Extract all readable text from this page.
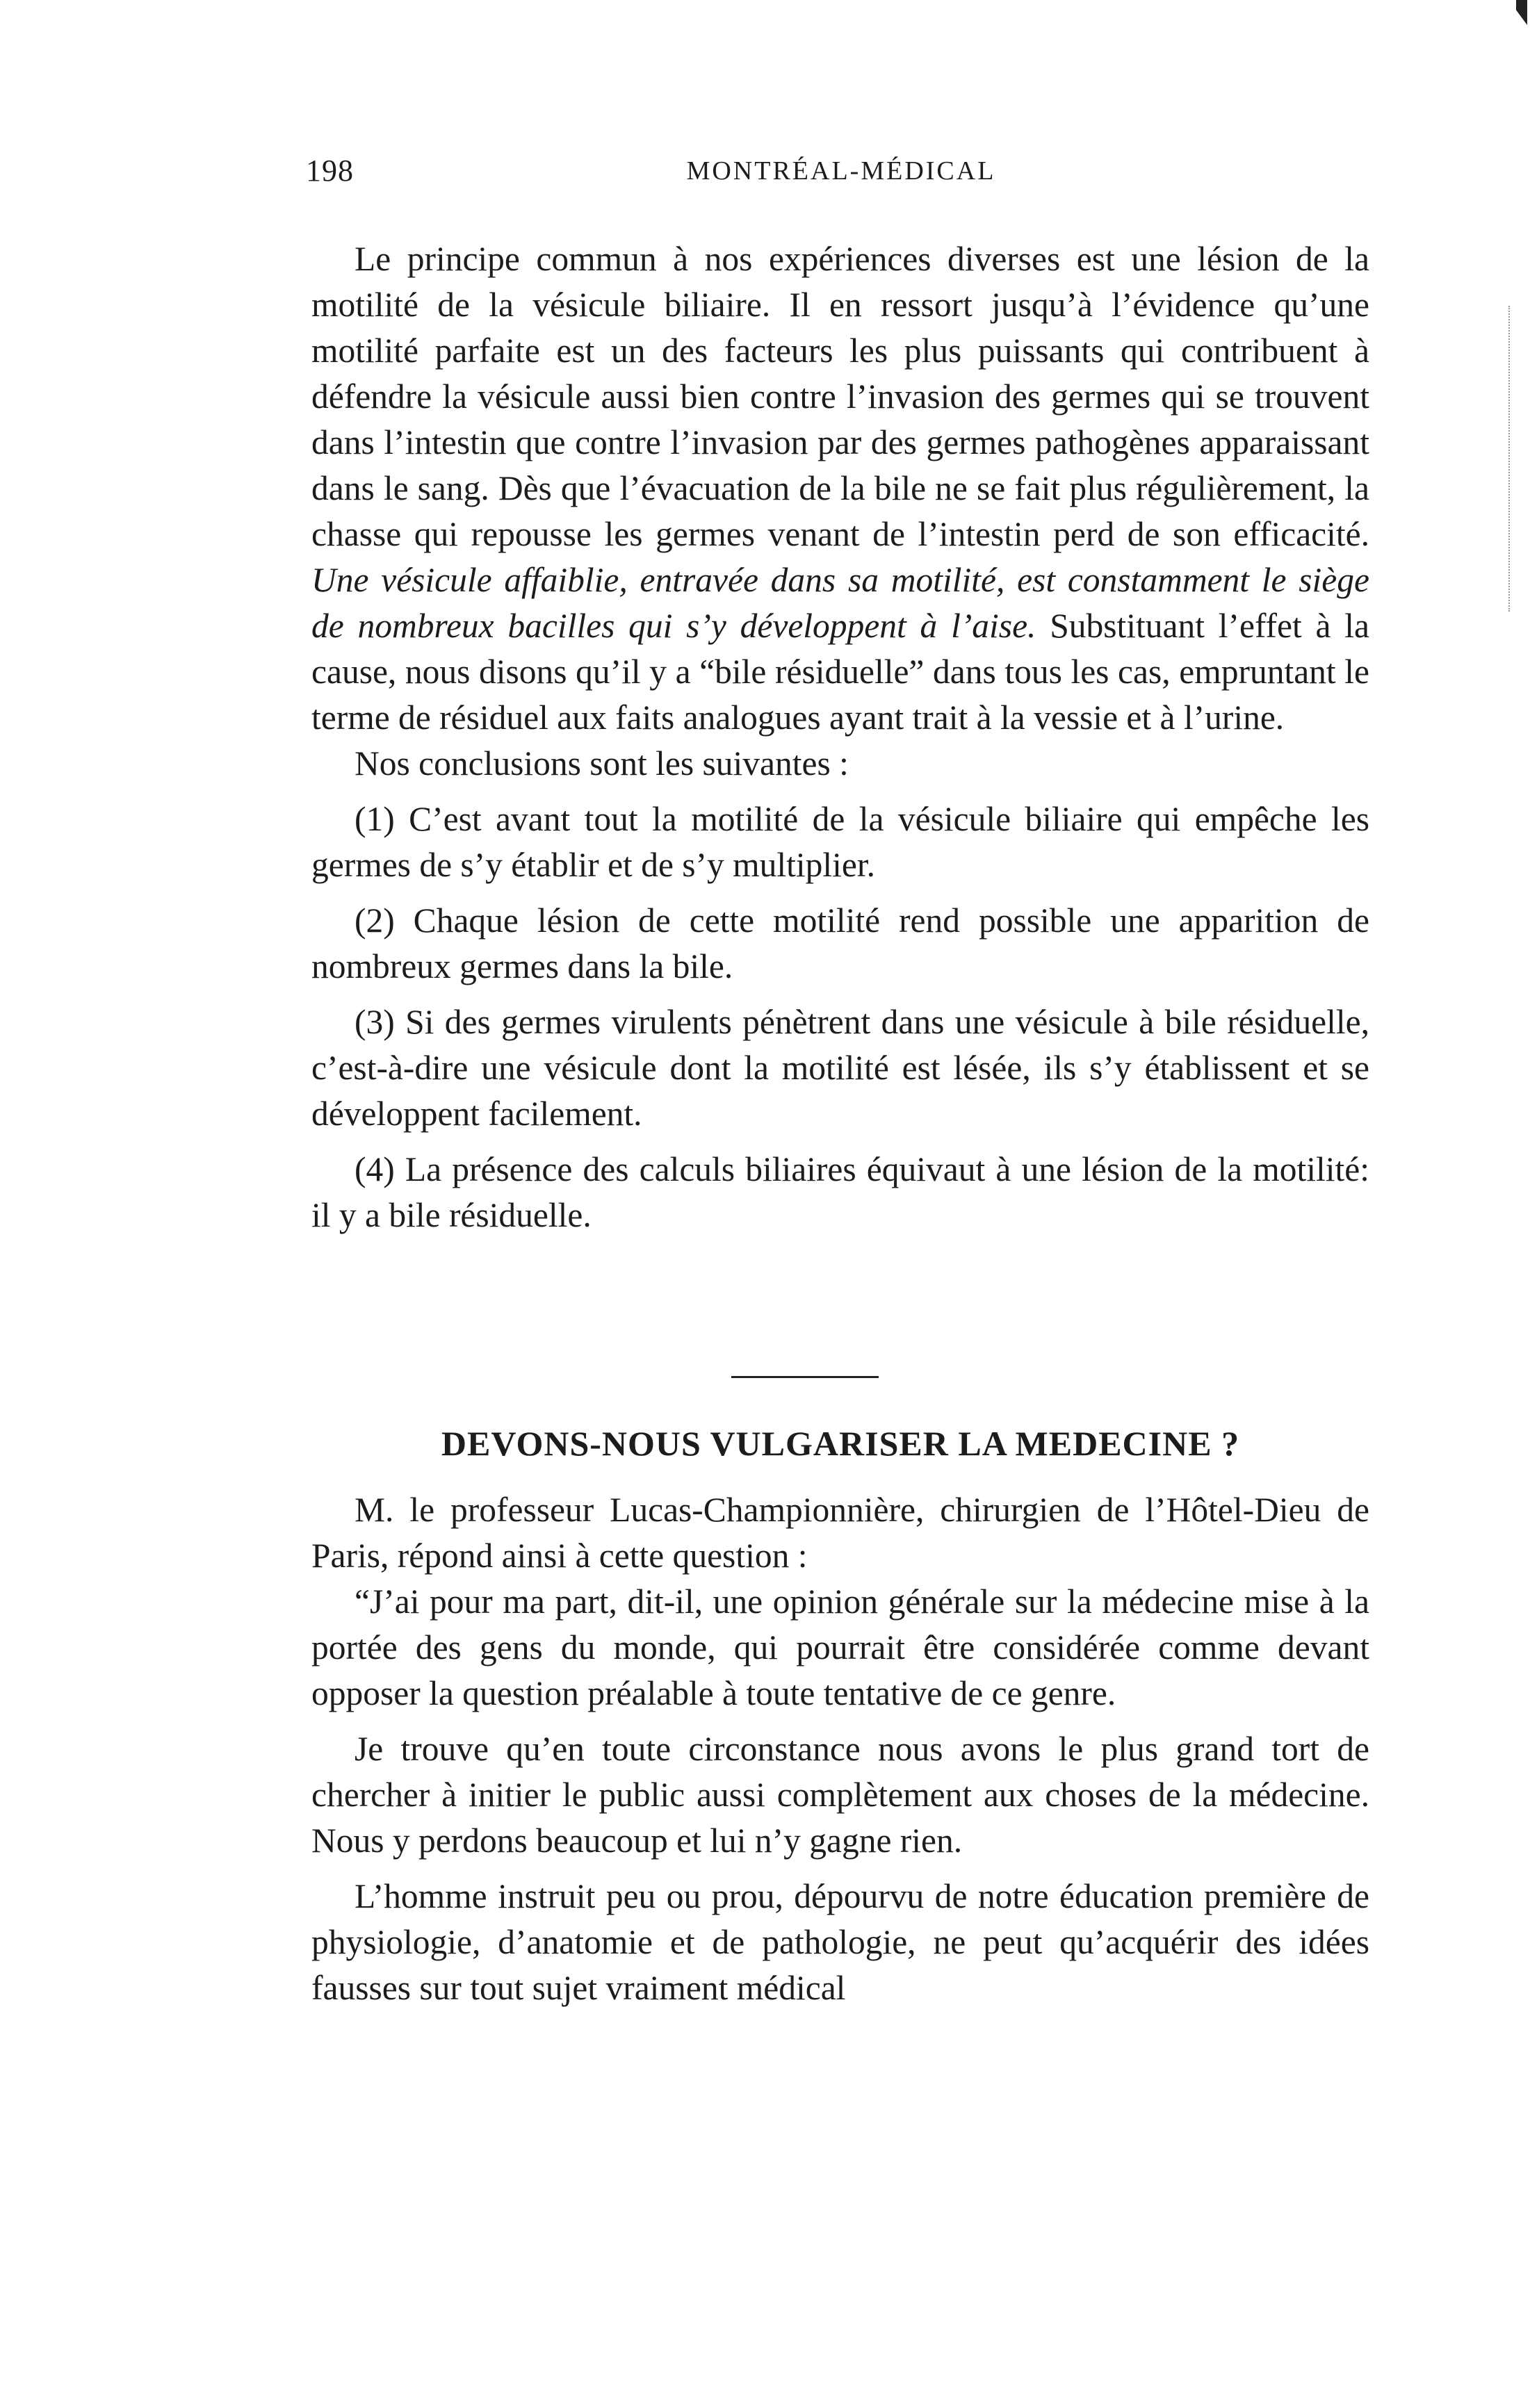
198	MONTRÉAL-MÉDICAL

Le principe commun à nos expériences diverses est une lésion de la motilité de la vésicule biliaire. Il en ressort jusqu’à l’évidence qu’une motilité parfaite est un des facteurs les plus puissants qui contribuent à défendre la vésicule aussi bien contre l’invasion des germes qui se trouvent dans l’intestin que contre l’invasion par des germes pathogènes apparaissant dans le sang. Dès que l’évacuation de la bile ne se fait plus régulièrement, la chasse qui repousse les germes venant de l’intestin perd de son efficacité. Une vésicule affaiblie, entravée dans sa motilité, est constamment le siège de nombreux bacilles qui s’y développent à l’aise. Substituant l’effet à la cause, nous disons qu’il y a “bile résiduelle” dans tous les cas, empruntant le terme de résiduel aux faits analogues ayant trait à la vessie et à l’urine.

Nos conclusions sont les suivantes :

(1) C’est avant tout la motilité de la vésicule biliaire qui empêche les germes de s’y établir et de s’y multiplier.

(2) Chaque lésion de cette motilité rend possible une apparition de nombreux germes dans la bile.

(3) Si des germes virulents pénètrent dans une vésicule à bile résiduelle, c’est-à-dire une vésicule dont la motilité est lésée, ils s’y établissent et se développent facilement.

(4) La présence des calculs biliaires équivaut à une lésion de la motilité: il y a bile résiduelle.

DEVONS-NOUS VULGARISER LA MEDECINE ?

M. le professeur Lucas-Championnière, chirurgien de l’Hôtel-Dieu de Paris, répond ainsi à cette question :

“J’ai pour ma part, dit-il, une opinion générale sur la médecine mise à la portée des gens du monde, qui pourrait être considérée comme devant opposer la question préalable à toute tentative de ce genre.

Je trouve qu’en toute circonstance nous avons le plus grand tort de chercher à initier le public aussi complètement aux choses de la médecine. Nous y perdons beaucoup et lui n’y gagne rien.

L’homme instruit peu ou prou, dépourvu de notre éducation première de physiologie, d’anatomie et de pathologie, ne peut qu’acquérir des idées fausses sur tout sujet vraiment médical
